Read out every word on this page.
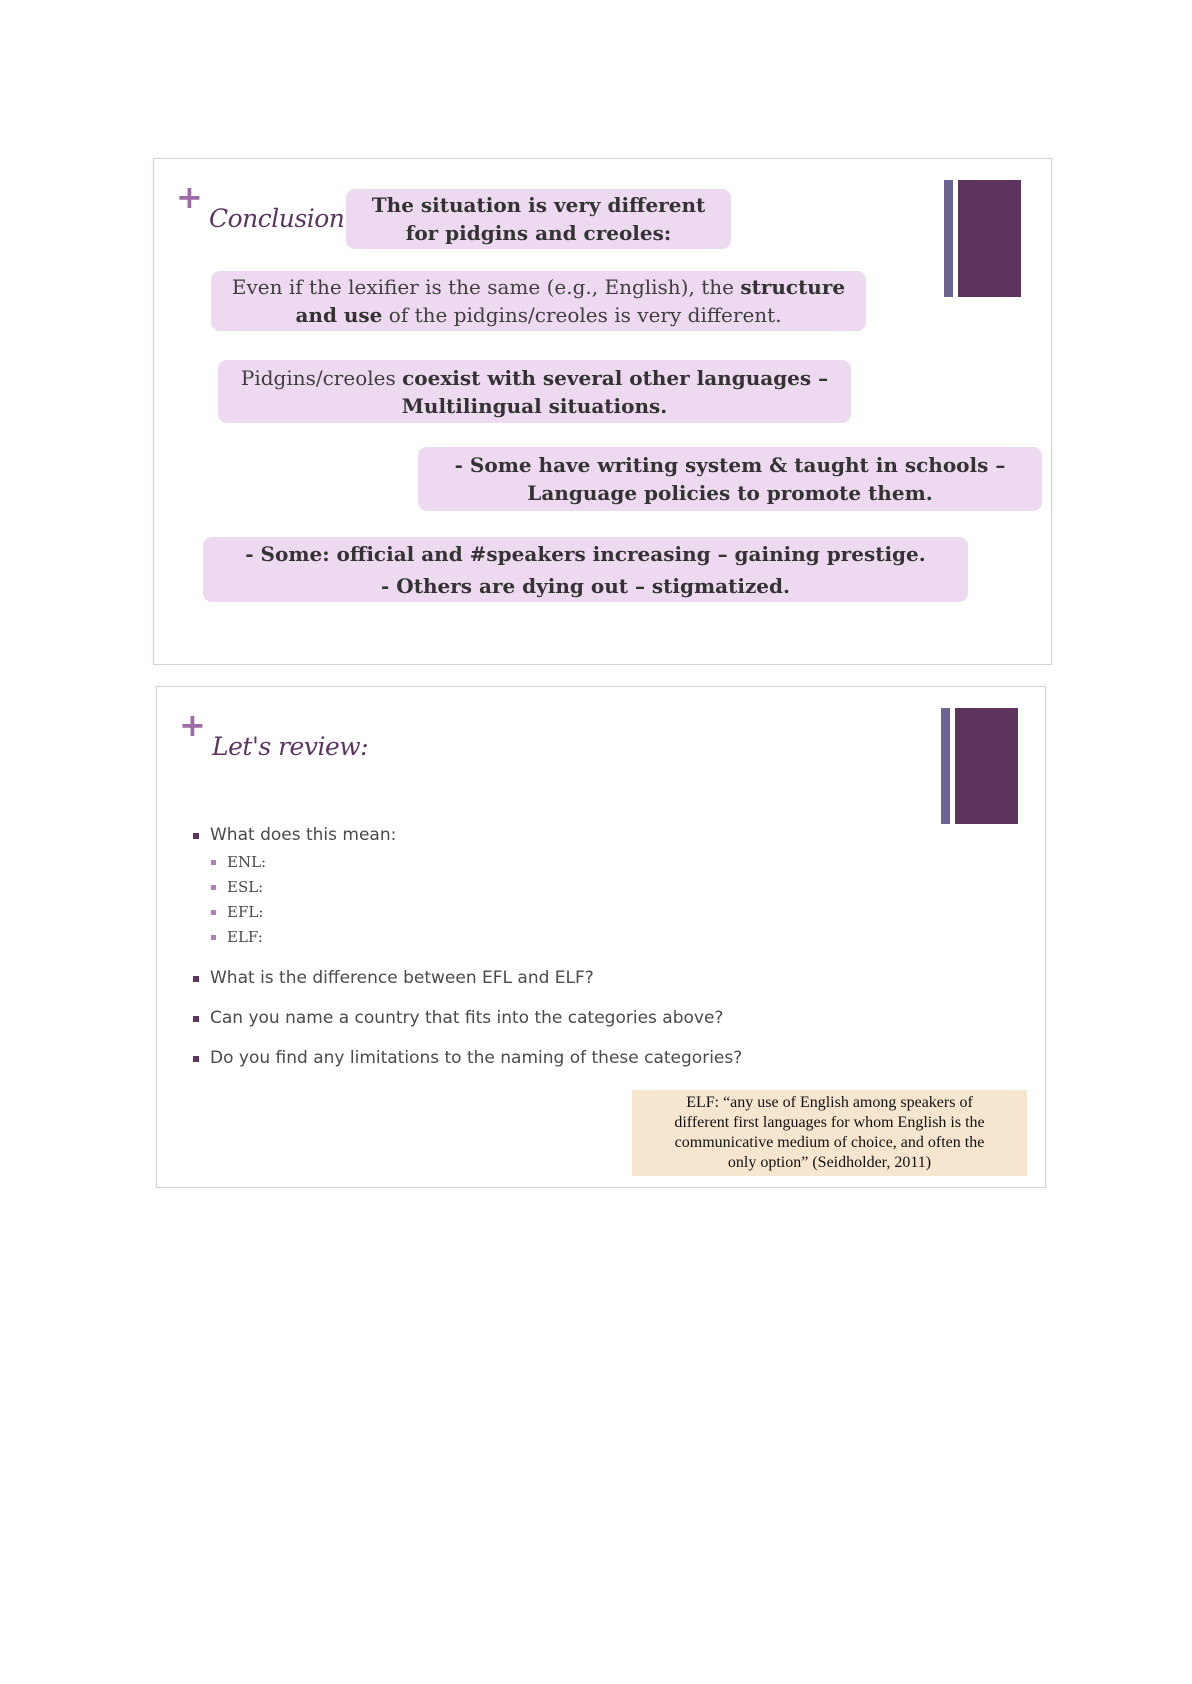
+
Conclusion	The situation is very different
for pidgins and creoles:
Even if the lexifier is the same (e.g., English), the structure
and use of the pidgins/creoles is very different.
Pidgins/creoles coexist with several other languages –
Multilingual situations.
- Some have writing system & taught in schools –
Language policies to promote them.
- Some: official and #speakers increasing – gaining prestige.
- Others are dying out – stigmatized.
+
Let's review:
What does this mean:
ENL:
ESL:
EFL:
ELF:
What is the difference between EFL and ELF?
Can you name a country that fits into the categories above?
Do you find any limitations to the naming of these categories?
ELF: “any use of English among speakers of
different first languages for whom English is the
communicative medium of choice, and often the
only option” (Seidholder, 2011)
